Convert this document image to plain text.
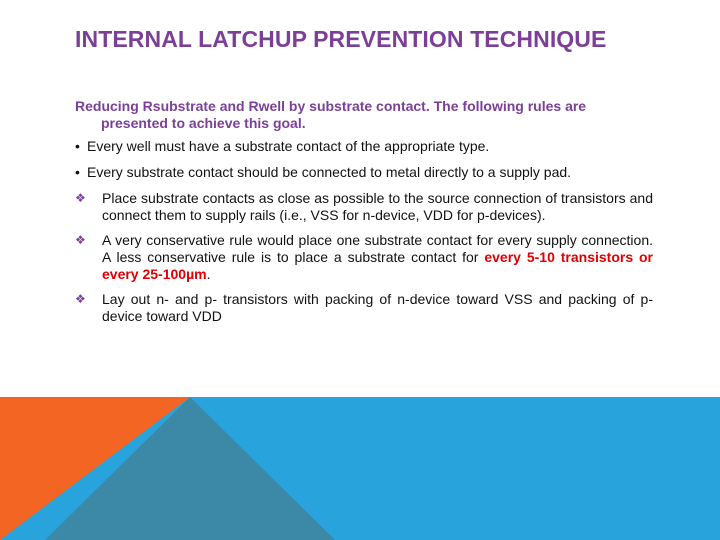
INTERNAL LATCHUP PREVENTION TECHNIQUE
Reducing Rsubstrate and Rwell by substrate contact. The following rules are presented to achieve this goal.
• Every well must have a substrate contact of the appropriate type.
• Every substrate contact should be connected to metal directly to a supply pad.
❖	Place substrate contacts as close as possible to the source connection of transistors and connect them to supply rails (i.e., VSS for n-device, VDD for p-devices).
❖	A very conservative rule would place one substrate contact for every supply connection. A less conservative rule is to place a substrate contact for every 5-10 transistors or every 25-100µm.
❖	Lay out n- and p- transistors with packing of n-device toward VSS and packing of p-device toward VDD
